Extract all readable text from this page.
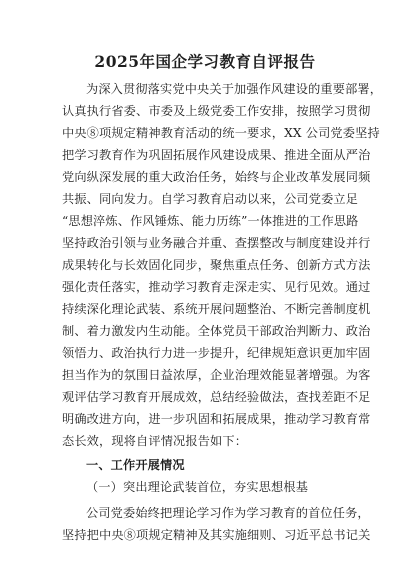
2025年国企学习教育自评报告
为深入贯彻落实党中央关于加强作风建设的重要部署，
认真执行省委、市委及上级党委工作安排，按照学习贯彻
中央⑧项规定精神教育活动的统一要求，XX 公司党委坚持
把学习教育作为巩固拓展作风建设成果、推进全面从严治
党向纵深发展的重大政治任务，始终与企业改革发展同频
共振、同向发力。自学习教育启动以来，公司党委立足
“思想淬炼、作风锤炼、能力历练”一体推进的工作思路
坚持政治引领与业务融合并重、查摆整改与制度建设并行
成果转化与长效固化同步，聚焦重点任务、创新方式方法
强化责任落实，推动学习教育走深走实、见行见效。通过
持续深化理论武装、系统开展问题整治、不断完善制度机
制、着力激发内生动能。全体党员干部政治判断力、政治
领悟力、政治执行力进一步提升，纪律规矩意识更加牢固
担当作为的氛围日益浓厚，企业治理效能显著增强。为客
观评估学习教育开展成效，总结经验做法，查找差距不足
明确改进方向，进一步巩固和拓展成果，推动学习教育常
态长效，现将自评情况报告如下：
一、工作开展情况
（一）突出理论武装首位，夯实思想根基
公司党委始终把理论学习作为学习教育的首位任务，
坚持把中央⑧项规定精神及其实施细则、习近平总书记关
